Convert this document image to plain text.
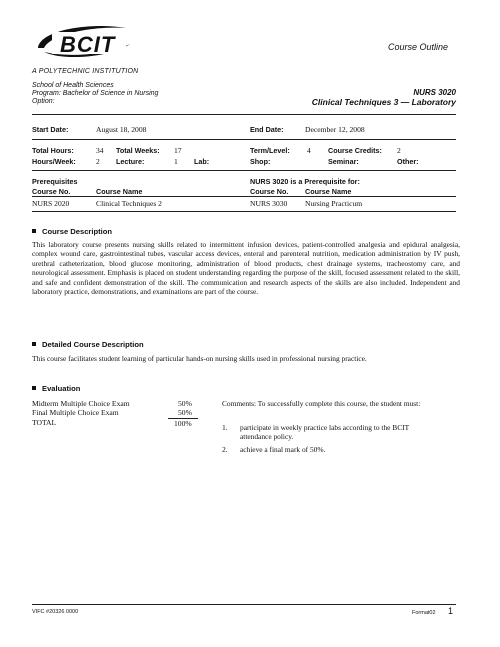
BCIT
A POLYTECHNIC INSTITUTION
Course Outline
School of Health Sciences
Program: Bachelor of Science in Nursing
Option:
NURS 3020
Clinical Techniques 3 — Laboratory
Start Date:	August 18, 2008	End Date:	December 12, 2008
Total Hours:	34 Total Weeks: 17	Term/Level: 4 Course Credits: 2
Hours/Week:	2 Lecture:	1 Lab:	Shop:	Seminar:	Other:
Prerequisites
Course No.	Course Name
NURS 2020	Clinical Techniques 2
NURS 3020 is a Prerequisite for:
Course No. Course Name
NURS 3030 Nursing Practicum
Course Description
This laboratory course presents nursing skills related to intermittent infusion devices, patient-controlled analgesia and epidural analgesia, complex wound care, gastrointestinal tubes, vascular access devices, enteral and parenteral nutrition, medication administration by IV push, urethral catheterization, blood glucose monitoring, administration of blood products, chest drainage systems, tracheostomy care, and neurological assessment. Emphasis is placed on student understanding regarding the purpose of the skill, focused assessment related to the skill, and safe and confident demonstration of the skill. The communication and research aspects of the skills are also included. Independent and laboratory practice, demonstrations, and examinations are part of the course.
Detailed Course Description
This course facilitates student learning of particular hands-on nursing skills used in professional nursing practice.
Evaluation
Midterm Multiple Choice Exam	50%
Final Multiple Choice Exam	50%
TOTAL	100%
Comments: To successfully complete this course, the student must:
1. participate in weekly practice labs according to the BCIT attendance policy.
2. achieve a final mark of 50%.
VIFC #20326 0000	Format02 1
